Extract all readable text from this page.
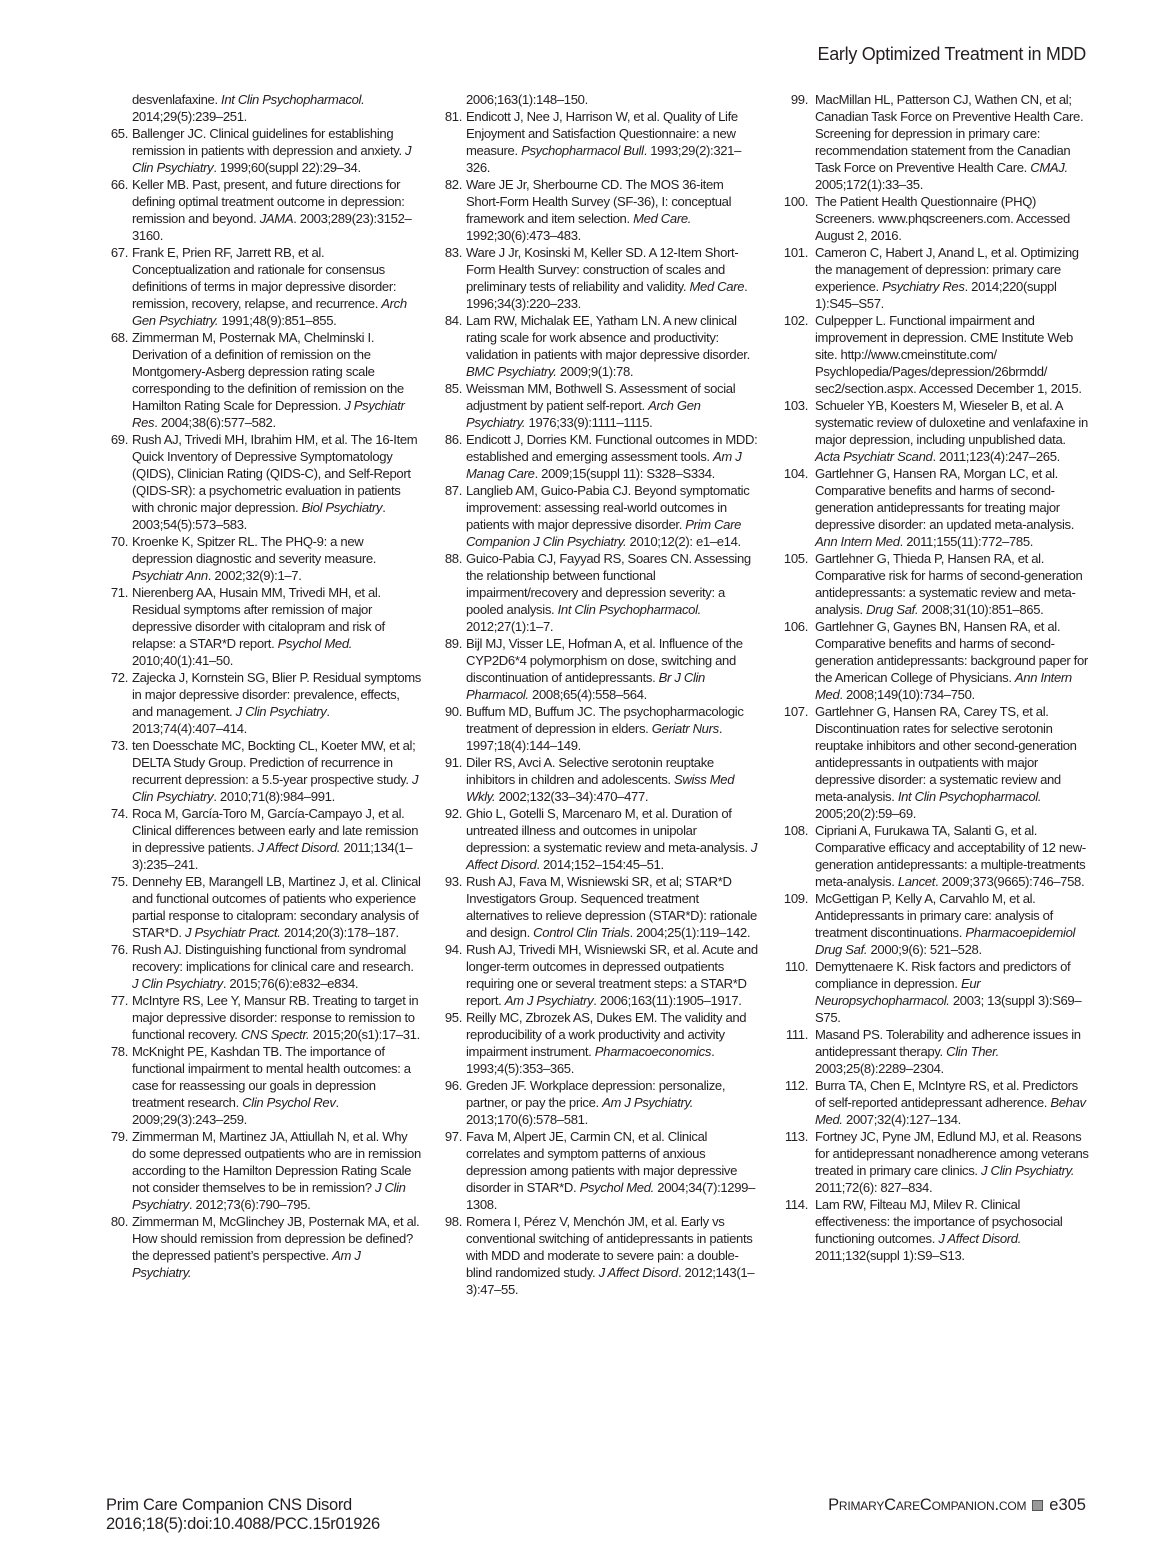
Early Optimized Treatment in MDD
desvenlafaxine. Int Clin Psychopharmacol. 2014;29(5):239–251.
65. Ballenger JC. Clinical guidelines for establishing remission in patients with depression and anxiety. J Clin Psychiatry. 1999;60(suppl 22):29–34.
66. Keller MB. Past, present, and future directions for defining optimal treatment outcome in depression: remission and beyond. JAMA. 2003;289(23):3152–3160.
67. Frank E, Prien RF, Jarrett RB, et al. Conceptualization and rationale for consensus definitions of terms in major depressive disorder: remission, recovery, relapse, and recurrence. Arch Gen Psychiatry. 1991;48(9):851–855.
68. Zimmerman M, Posternak MA, Chelminski I. Derivation of a definition of remission on the Montgomery-Asberg depression rating scale corresponding to the definition of remission on the Hamilton Rating Scale for Depression. J Psychiatr Res. 2004;38(6):577–582.
69. Rush AJ, Trivedi MH, Ibrahim HM, et al. The 16-Item Quick Inventory of Depressive Symptomatology (QIDS), Clinician Rating (QIDS-C), and Self-Report (QIDS-SR): a psychometric evaluation in patients with chronic major depression. Biol Psychiatry. 2003;54(5):573–583.
70. Kroenke K, Spitzer RL. The PHQ-9: a new depression diagnostic and severity measure. Psychiatr Ann. 2002;32(9):1–7.
71. Nierenberg AA, Husain MM, Trivedi MH, et al. Residual symptoms after remission of major depressive disorder with citalopram and risk of relapse: a STAR*D report. Psychol Med. 2010;40(1):41–50.
72. Zajecka J, Kornstein SG, Blier P. Residual symptoms in major depressive disorder: prevalence, effects, and management. J Clin Psychiatry. 2013;74(4):407–414.
73. ten Doesschate MC, Bockting CL, Koeter MW, et al; DELTA Study Group. Prediction of recurrence in recurrent depression: a 5.5-year prospective study. J Clin Psychiatry. 2010;71(8):984–991.
74. Roca M, García-Toro M, García-Campayo J, et al. Clinical differences between early and late remission in depressive patients. J Affect Disord. 2011;134(1–3):235–241.
75. Dennehy EB, Marangell LB, Martinez J, et al. Clinical and functional outcomes of patients who experience partial response to citalopram: secondary analysis of STAR*D. J Psychiatr Pract. 2014;20(3):178–187.
76. Rush AJ. Distinguishing functional from syndromal recovery: implications for clinical care and research. J Clin Psychiatry. 2015;76(6):e832–e834.
77. McIntyre RS, Lee Y, Mansur RB. Treating to target in major depressive disorder: response to remission to functional recovery. CNS Spectr. 2015;20(s1):17–31.
78. McKnight PE, Kashdan TB. The importance of functional impairment to mental health outcomes: a case for reassessing our goals in depression treatment research. Clin Psychol Rev. 2009;29(3):243–259.
79. Zimmerman M, Martinez JA, Attiullah N, et al. Why do some depressed outpatients who are in remission according to the Hamilton Depression Rating Scale not consider themselves to be in remission? J Clin Psychiatry. 2012;73(6):790–795.
80. Zimmerman M, McGlinchey JB, Posternak MA, et al. How should remission from depression be defined? the depressed patient’s perspective. Am J Psychiatry.
2006;163(1):148–150.
81. Endicott J, Nee J, Harrison W, et al. Quality of Life Enjoyment and Satisfaction Questionnaire: a new measure. Psychopharmacol Bull. 1993;29(2):321–326.
82. Ware JE Jr, Sherbourne CD. The MOS 36-item Short-Form Health Survey (SF-36), I: conceptual framework and item selection. Med Care. 1992;30(6):473–483.
83. Ware J Jr, Kosinski M, Keller SD. A 12-Item Short-Form Health Survey: construction of scales and preliminary tests of reliability and validity. Med Care. 1996;34(3):220–233.
84. Lam RW, Michalak EE, Yatham LN. A new clinical rating scale for work absence and productivity: validation in patients with major depressive disorder. BMC Psychiatry. 2009;9(1):78.
85. Weissman MM, Bothwell S. Assessment of social adjustment by patient self-report. Arch Gen Psychiatry. 1976;33(9):1111–1115.
86. Endicott J, Dorries KM. Functional outcomes in MDD: established and emerging assessment tools. Am J Manag Care. 2009;15(suppl 11): S328–S334.
87. Langlieb AM, Guico-Pabia CJ. Beyond symptomatic improvement: assessing real-world outcomes in patients with major depressive disorder. Prim Care Companion J Clin Psychiatry. 2010;12(2): e1–e14.
88. Guico-Pabia CJ, Fayyad RS, Soares CN. Assessing the relationship between functional impairment/recovery and depression severity: a pooled analysis. Int Clin Psychopharmacol. 2012;27(1):1–7.
89. Bijl MJ, Visser LE, Hofman A, et al. Influence of the CYP2D6*4 polymorphism on dose, switching and discontinuation of antidepressants. Br J Clin Pharmacol. 2008;65(4):558–564.
90. Buffum MD, Buffum JC. The psychopharmacologic treatment of depression in elders. Geriatr Nurs. 1997;18(4):144–149.
91. Diler RS, Avci A. Selective serotonin reuptake inhibitors in children and adolescents. Swiss Med Wkly. 2002;132(33–34):470–477.
92. Ghio L, Gotelli S, Marcenaro M, et al. Duration of untreated illness and outcomes in unipolar depression: a systematic review and meta-analysis. J Affect Disord. 2014;152–154:45–51.
93. Rush AJ, Fava M, Wisniewski SR, et al; STAR*D Investigators Group. Sequenced treatment alternatives to relieve depression (STAR*D): rationale and design. Control Clin Trials. 2004;25(1):119–142.
94. Rush AJ, Trivedi MH, Wisniewski SR, et al. Acute and longer-term outcomes in depressed outpatients requiring one or several treatment steps: a STAR*D report. Am J Psychiatry. 2006;163(11):1905–1917.
95. Reilly MC, Zbrozek AS, Dukes EM. The validity and reproducibility of a work productivity and activity impairment instrument. Pharmacoeconomics. 1993;4(5):353–365.
96. Greden JF. Workplace depression: personalize, partner, or pay the price. Am J Psychiatry. 2013;170(6):578–581.
97. Fava M, Alpert JE, Carmin CN, et al. Clinical correlates and symptom patterns of anxious depression among patients with major depressive disorder in STAR*D. Psychol Med. 2004;34(7):1299–1308.
98. Romera I, Pérez V, Menchón JM, et al. Early vs conventional switching of antidepressants in patients with MDD and moderate to severe pain: a double-blind randomized study. J Affect Disord. 2012;143(1–3):47–55.
99. MacMillan HL, Patterson CJ, Wathen CN, et al; Canadian Task Force on Preventive Health Care. Screening for depression in primary care: recommendation statement from the Canadian Task Force on Preventive Health Care. CMAJ. 2005;172(1):33–35.
100. The Patient Health Questionnaire (PHQ) Screeners. www.phqscreeners.com. Accessed August 2, 2016.
101. Cameron C, Habert J, Anand L, et al. Optimizing the management of depression: primary care experience. Psychiatry Res. 2014;220(suppl 1):S45–S57.
102. Culpepper L. Functional impairment and improvement in depression. CME Institute Web site. http://www.cmeinstitute.com/ Psychlopedia/Pages/depression/26brmdd/ sec2/section.aspx. Accessed December 1, 2015.
103. Schueler YB, Koesters M, Wieseler B, et al. A systematic review of duloxetine and venlafaxine in major depression, including unpublished data. Acta Psychiatr Scand. 2011;123(4):247–265.
104. Gartlehner G, Hansen RA, Morgan LC, et al. Comparative benefits and harms of second-generation antidepressants for treating major depressive disorder: an updated meta-analysis. Ann Intern Med. 2011;155(11):772–785.
105. Gartlehner G, Thieda P, Hansen RA, et al. Comparative risk for harms of second-generation antidepressants: a systematic review and meta-analysis. Drug Saf. 2008;31(10):851–865.
106. Gartlehner G, Gaynes BN, Hansen RA, et al. Comparative benefits and harms of second-generation antidepressants: background paper for the American College of Physicians. Ann Intern Med. 2008;149(10):734–750.
107. Gartlehner G, Hansen RA, Carey TS, et al. Discontinuation rates for selective serotonin reuptake inhibitors and other second-generation antidepressants in outpatients with major depressive disorder: a systematic review and meta-analysis. Int Clin Psychopharmacol. 2005;20(2):59–69.
108. Cipriani A, Furukawa TA, Salanti G, et al. Comparative efficacy and acceptability of 12 new-generation antidepressants: a multiple-treatments meta-analysis. Lancet. 2009;373(9665):746–758.
109. McGettigan P, Kelly A, Carvahlo M, et al. Antidepressants in primary care: analysis of treatment discontinuations. Pharmacoepidemiol Drug Saf. 2000;9(6): 521–528.
110. Demyttenaere K. Risk factors and predictors of compliance in depression. Eur Neuropsychopharmacol. 2003; 13(suppl 3):S69–S75.
111. Masand PS. Tolerability and adherence issues in antidepressant therapy. Clin Ther. 2003;25(8):2289–2304.
112. Burra TA, Chen E, McIntyre RS, et al. Predictors of self-reported antidepressant adherence. Behav Med. 2007;32(4):127–134.
113. Fortney JC, Pyne JM, Edlund MJ, et al. Reasons for antidepressant nonadherence among veterans treated in primary care clinics. J Clin Psychiatry. 2011;72(6): 827–834.
114. Lam RW, Filteau MJ, Milev R. Clinical effectiveness: the importance of psychosocial functioning outcomes. J Affect Disord. 2011;132(suppl 1):S9–S13.
Prim Care Companion CNS Disord
2016;18(5):doi:10.4088/PCC.15r01926
PrimaryCareCompanion.com e305
